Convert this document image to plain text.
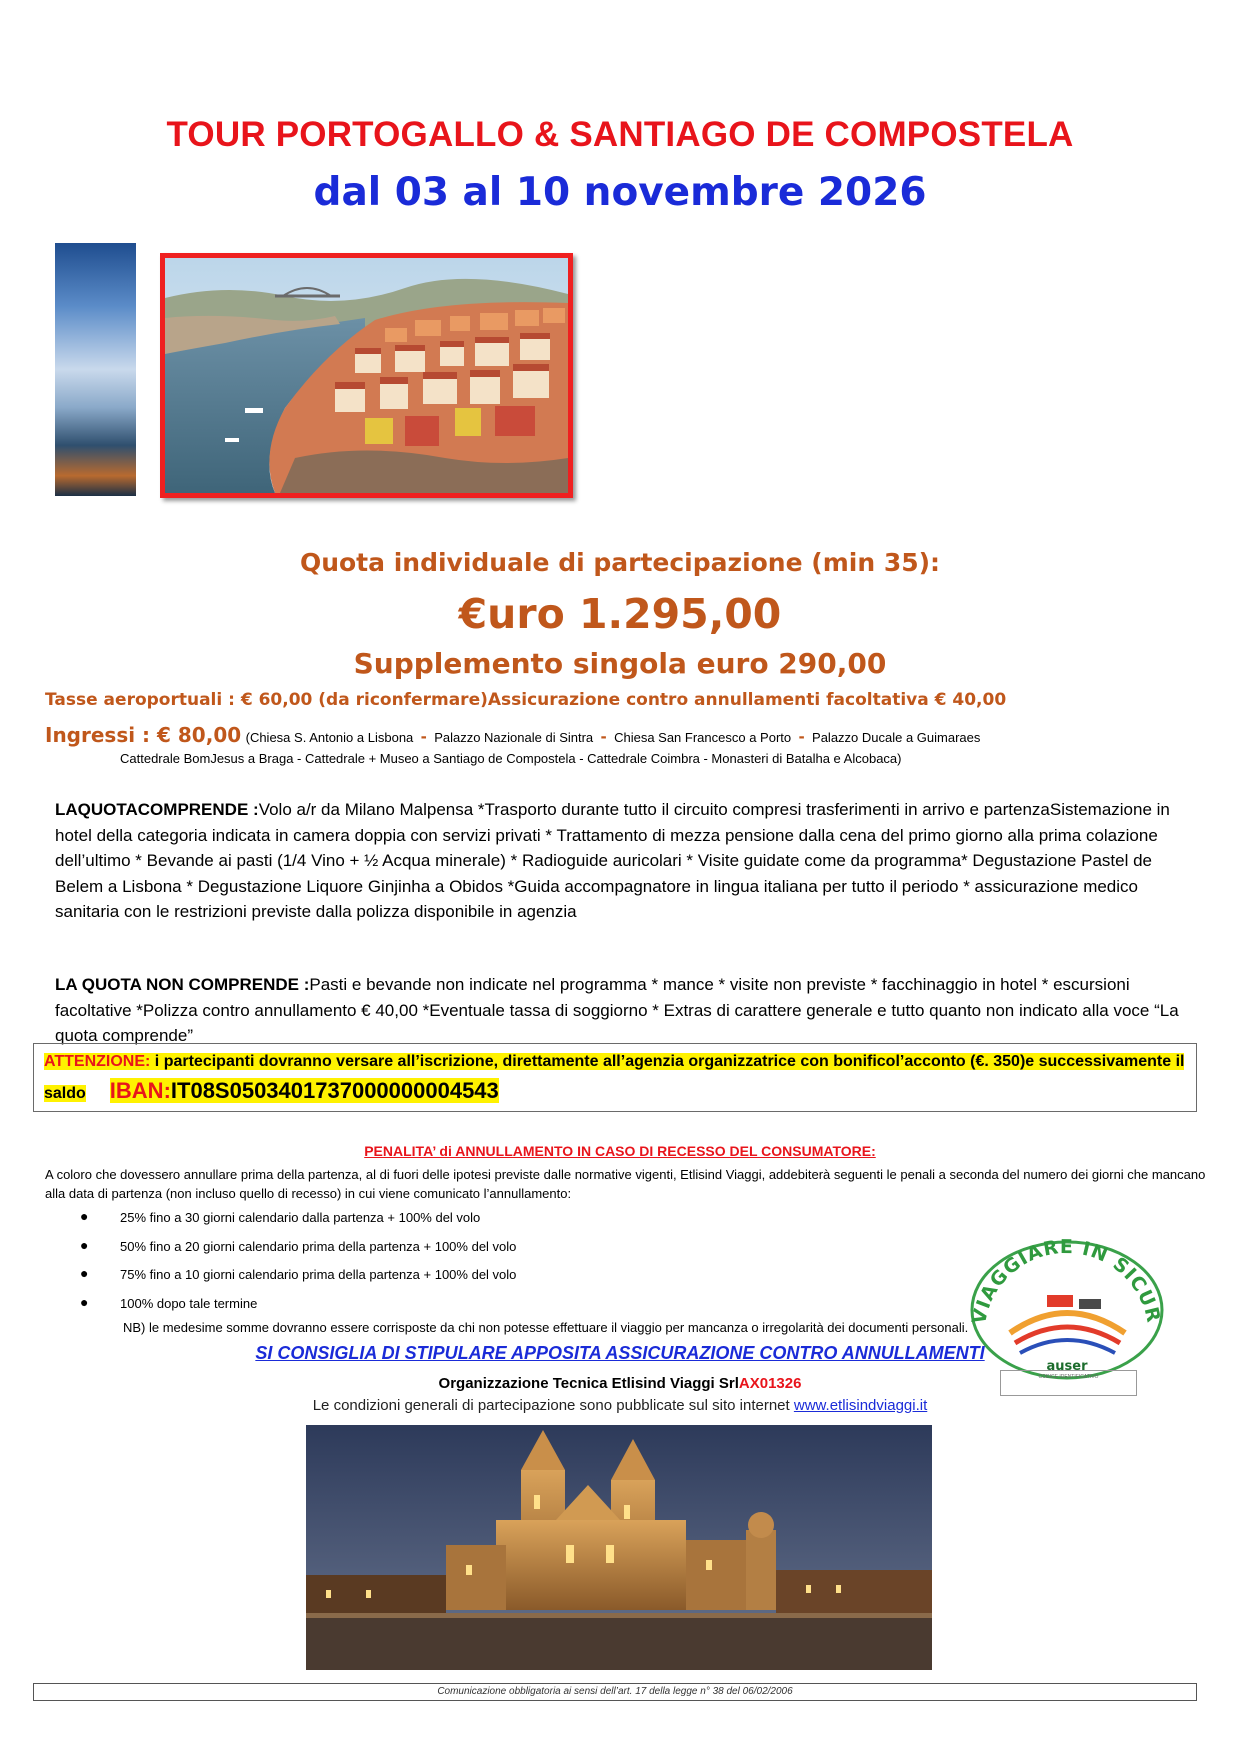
TOUR PORTOGALLO & SANTIAGO DE COMPOSTELA
dal 03 al 10 novembre 2026
Quota individuale di partecipazione (min 35):
€uro 1.295,00
Supplemento singola euro 290,00
Tasse aeroportuali : € 60,00 (da riconfermare)Assicurazione contro annullamenti facoltativa € 40,00
Ingressi : € 80,00 (Chiesa S. Antonio a Lisbona - Palazzo Nazionale di Sintra - Chiesa San Francesco a Porto - Palazzo Ducale a Guimaraes
Cattedrale BomJesus a Braga - Cattedrale + Museo a Santiago de Compostela - Cattedrale Coimbra - Monasteri di Batalha e Alcobaca)
LAQUOTACOMPRENDE :Volo a/r da Milano Malpensa *Trasporto durante tutto il circuito compresi trasferimenti in arrivo e partenzaSistemazione in hotel della categoria indicata in camera doppia con servizi privati * Trattamento di mezza pensione dalla cena del primo giorno alla prima colazione dell’ultimo * Bevande ai pasti (1/4 Vino + ½ Acqua minerale) * Radioguide auricolari * Visite guidate come da programma* Degustazione Pastel de Belem a Lisbona * Degustazione Liquore Ginjinha a Obidos *Guida accompagnatore in lingua italiana per tutto il periodo * assicurazione medico sanitaria con le restrizioni previste dalla polizza disponibile in agenzia
LA QUOTA NON COMPRENDE :Pasti e bevande non indicate nel programma * mance * visite non previste * facchinaggio in hotel * escursioni facoltative *Polizza contro annullamento € 40,00 *Eventuale tassa di soggiorno * Extras di carattere generale e tutto quanto non indicato alla voce “La quota comprende”
ATTENZIONE: i partecipanti dovranno versare all’iscrizione, direttamente all’agenzia organizzatrice con bonificol’acconto (€. 350)e successivamente il saldo IBAN:IT08S0503401737000000004543
PENALITA’ di ANNULLAMENTO IN CASO DI RECESSO DEL CONSUMATORE:
A coloro che dovessero annullare prima della partenza, al di fuori delle ipotesi previste dalle normative vigenti, Etlisind Viaggi, addebiterà seguenti le penali a seconda del numero dei giorni che mancano alla data di partenza (non incluso quello di recesso) in cui viene comunicato l’annullamento:
● 25% fino a 30 giorni calendario dalla partenza + 100% del volo
● 50% fino a 20 giorni calendario prima della partenza + 100% del volo
● 75% fino a 10 giorni calendario prima della partenza + 100% del volo
● 100% dopo tale termine
NB) le medesime somme dovranno essere corrisposte da chi non potesse effettuare il viaggio per mancanza o irregolarità dei documenti personali.
VIAGGIARE IN SICUR
auser
CODICE IDENTIFICATIVO
SI CONSIGLIA DI STIPULARE APPOSITA ASSICURAZIONE CONTRO ANNULLAMENTI
Organizzazione Tecnica Etlisind Viaggi SrlAX01326
Le condizioni generali di partecipazione sono pubblicate sul sito internet www.etlisindviaggi.it
Comunicazione obbligatoria ai sensi dell’art. 17 della legge n° 38 del 06/02/2006
